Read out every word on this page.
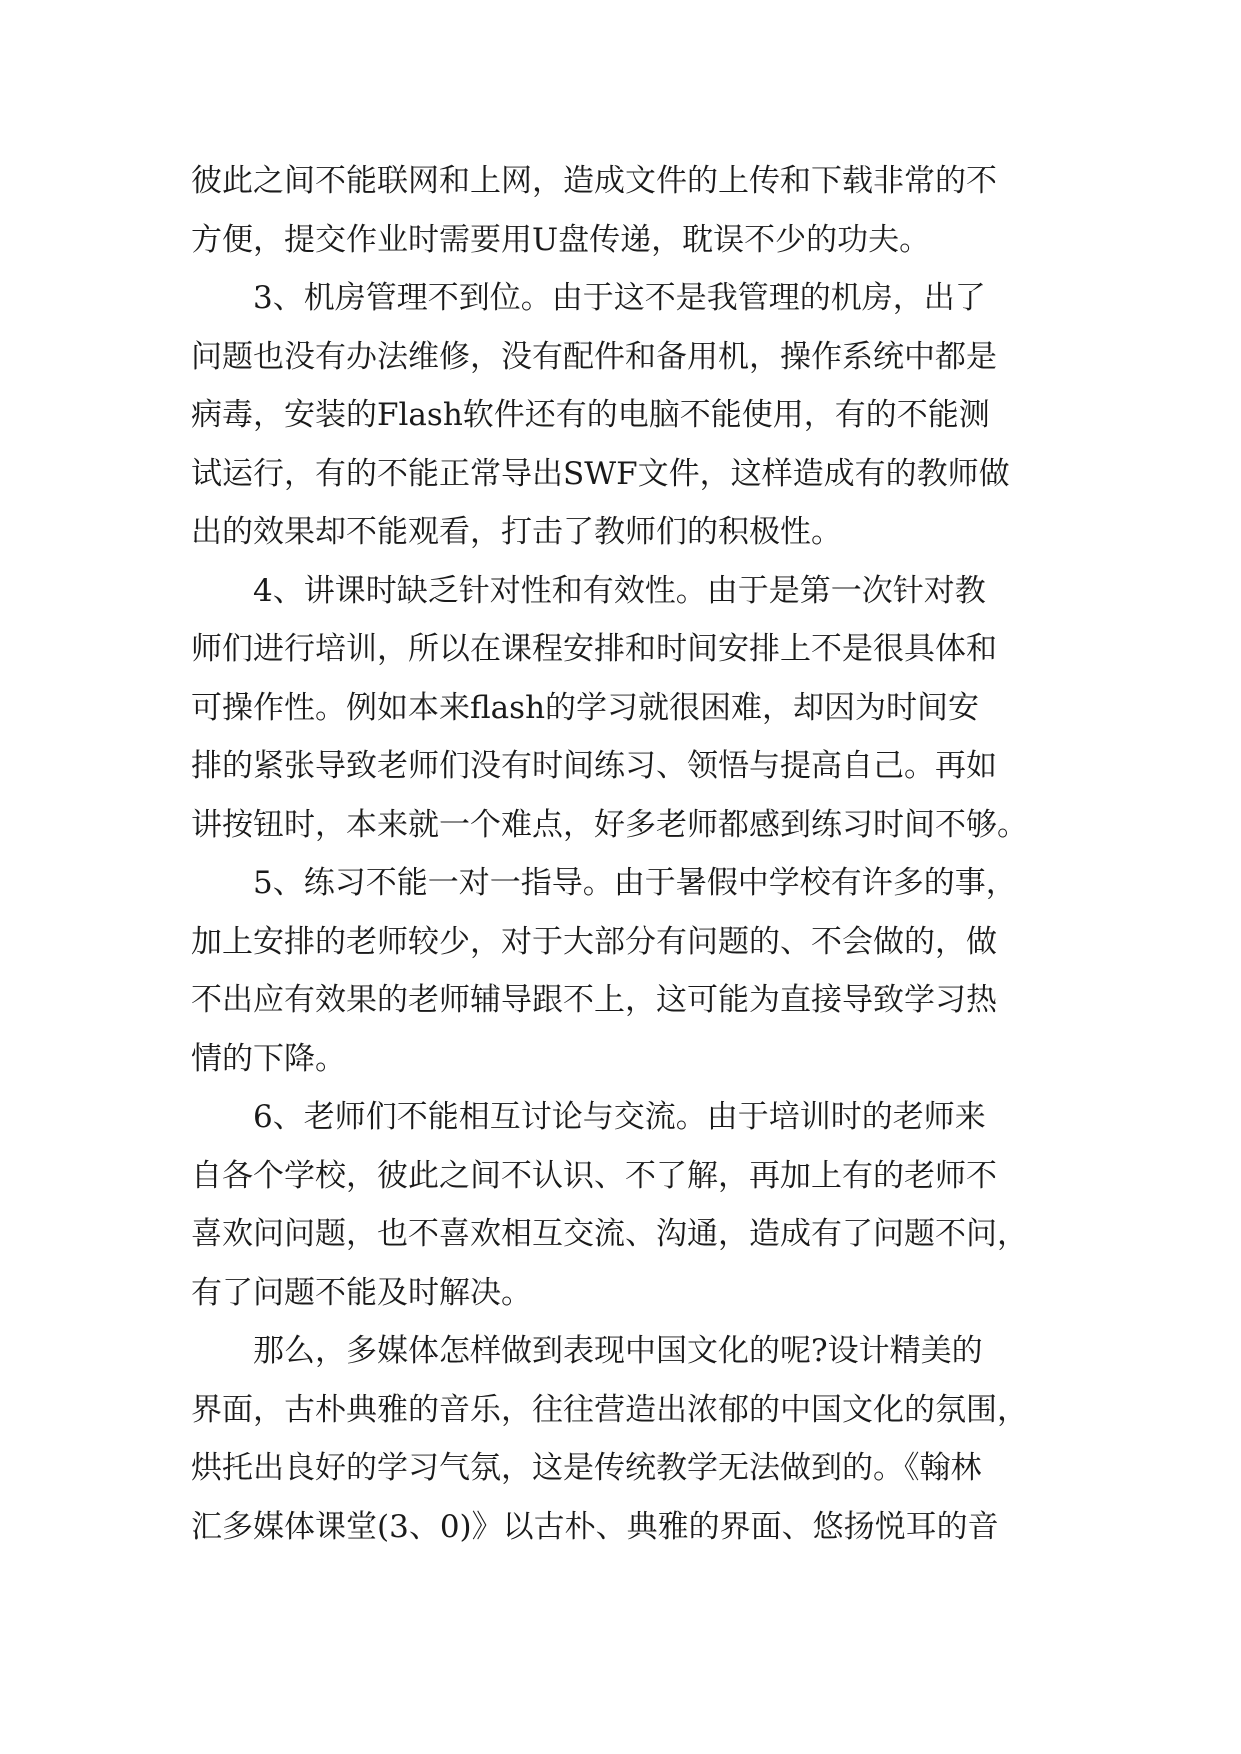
彼此之间不能联网和上网，造成文件的上传和下载非常的不
方便，提交作业时需要用U盘传递，耽误不少的功夫。
3、机房管理不到位。由于这不是我管理的机房，出了
问题也没有办法维修，没有配件和备用机，操作系统中都是
病毒，安装的Flash软件还有的电脑不能使用，有的不能测
试运行，有的不能正常导出SWF文件，这样造成有的教师做
出的效果却不能观看，打击了教师们的积极性。
4、讲课时缺乏针对性和有效性。由于是第一次针对教
师们进行培训，所以在课程安排和时间安排上不是很具体和
可操作性。例如本来flash的学习就很困难，却因为时间安
排的紧张导致老师们没有时间练习、领悟与提高自己。再如
讲按钮时，本来就一个难点，好多老师都感到练习时间不够。
5、练习不能一对一指导。由于暑假中学校有许多的事，
加上安排的老师较少，对于大部分有问题的、不会做的，做
不出应有效果的老师辅导跟不上，这可能为直接导致学习热
情的下降。
6、老师们不能相互讨论与交流。由于培训时的老师来
自各个学校，彼此之间不认识、不了解，再加上有的老师不
喜欢问问题，也不喜欢相互交流、沟通，造成有了问题不问，
有了问题不能及时解决。
那么，多媒体怎样做到表现中国文化的呢?设计精美的
界面，古朴典雅的音乐，往往营造出浓郁的中国文化的氛围，
烘托出良好的学习气氛，这是传统教学无法做到的。《翰林
汇多媒体课堂(3、0)》以古朴、典雅的界面、悠扬悦耳的音
